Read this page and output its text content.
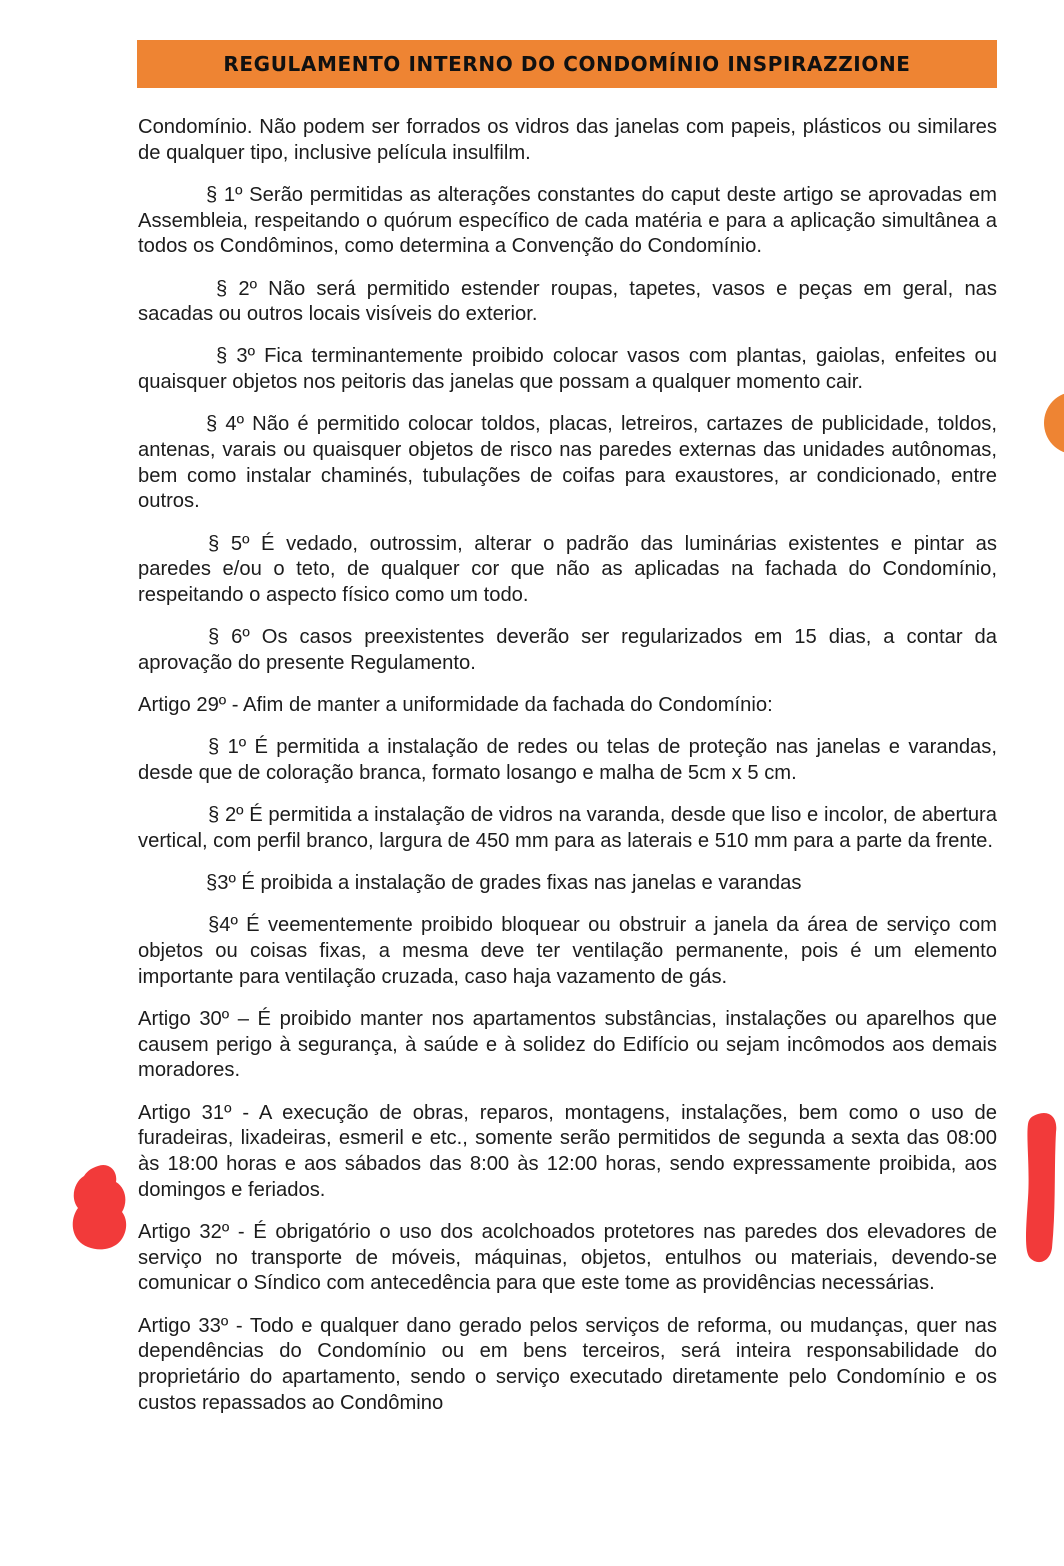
REGULAMENTO INTERNO DO CONDOMÍNIO INSPIRAZZIONE

Condomínio. Não podem ser forrados os vidros das janelas com papeis, plásticos ou similares de qualquer tipo, inclusive película insulfilm.

§ 1º Serão permitidas as alterações constantes do caput deste artigo se aprovadas em Assembleia, respeitando o quórum específico de cada matéria e para a aplicação simultânea a todos os Condôminos, como determina a Convenção do Condomínio.

§ 2º Não será permitido estender roupas, tapetes, vasos e peças em geral, nas sacadas ou outros locais visíveis do exterior.

§ 3º Fica terminantemente proibido colocar vasos com plantas, gaiolas, enfeites ou quaisquer objetos nos peitoris das janelas que possam a qualquer momento cair.

§ 4º Não é permitido colocar toldos, placas, letreiros, cartazes de publicidade, toldos, antenas, varais ou quaisquer objetos de risco nas paredes externas das unidades autônomas, bem como instalar chaminés, tubulações de coifas para exaustores, ar condicionado, entre outros.

§ 5º É vedado, outrossim, alterar o padrão das luminárias existentes e pintar as paredes e/ou o teto, de qualquer cor que não as aplicadas na fachada do Condomínio, respeitando o aspecto físico como um todo.

§ 6º Os casos preexistentes deverão ser regularizados em 15 dias, a contar da aprovação do presente Regulamento.

Artigo 29º - Afim de manter a uniformidade da fachada do Condomínio:

§ 1º É permitida a instalação de redes ou telas de proteção nas janelas e varandas, desde que de coloração branca, formato losango e malha de 5cm x 5 cm.

§ 2º É permitida a instalação de vidros na varanda, desde que liso e incolor, de abertura vertical, com perfil branco, largura de 450 mm para as laterais e 510 mm para a parte da frente.

§3º É proibida a instalação de grades fixas nas janelas e varandas

§4º É veementemente proibido bloquear ou obstruir a janela da área de serviço com objetos ou coisas fixas, a mesma deve ter ventilação permanente, pois é um elemento importante para ventilação cruzada, caso haja vazamento de gás.

Artigo 30º – É proibido manter nos apartamentos substâncias, instalações ou aparelhos que causem perigo à segurança, à saúde e à solidez do Edifício ou sejam incômodos aos demais moradores.

Artigo 31º - A execução de obras, reparos, montagens, instalações, bem como o uso de furadeiras, lixadeiras, esmeril e etc., somente serão permitidos de segunda a sexta das 08:00 às 18:00 horas e aos sábados das 8:00 às 12:00 horas, sendo expressamente proibida, aos domingos e feriados.

Artigo 32º - É obrigatório o uso dos acolchoados protetores nas paredes dos elevadores de serviço no transporte de móveis, máquinas, objetos, entulhos ou materiais, devendo-se comunicar o Síndico com antecedência para que este tome as providências necessárias.

Artigo 33º - Todo e qualquer dano gerado pelos serviços de reforma, ou mudanças, quer nas dependências do Condomínio ou em bens terceiros, será inteira responsabilidade do proprietário do apartamento, sendo o serviço executado diretamente pelo Condomínio e os custos repassados ao Condômino
